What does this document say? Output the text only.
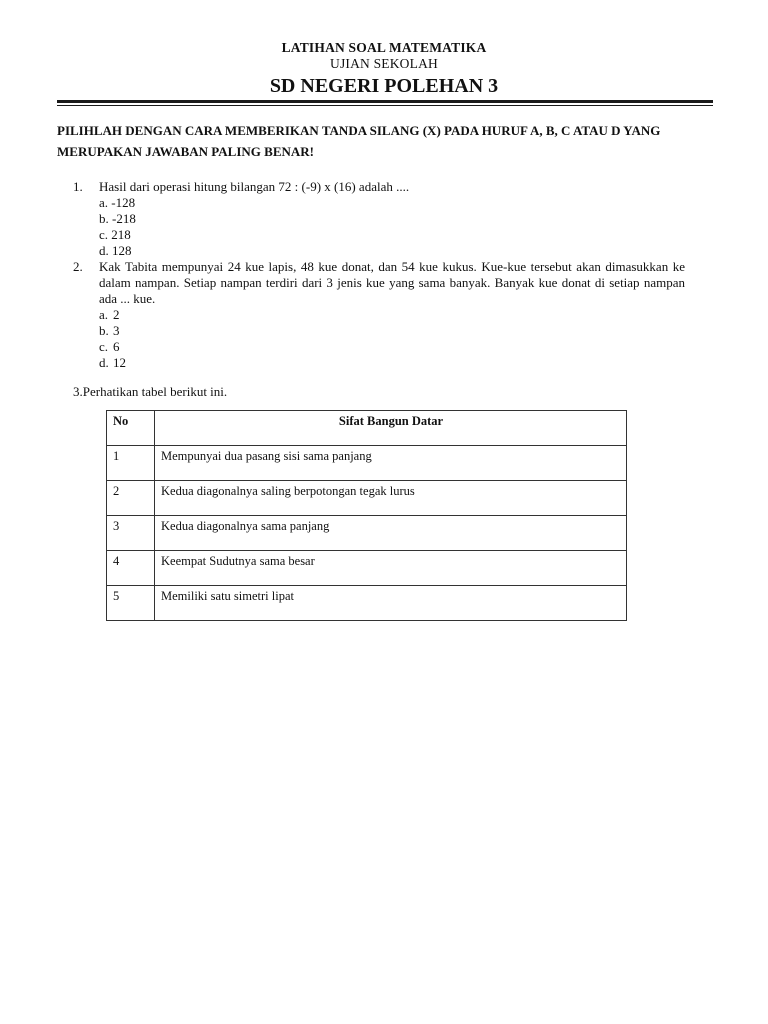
LATIHAN SOAL MATEMATIKA
UJIAN SEKOLAH
SD NEGERI POLEHAN 3
PILIHLAH DENGAN CARA MEMBERIKAN TANDA SILANG (X) PADA HURUF A, B, C ATAU D YANG MERUPAKAN JAWABAN PALING BENAR!
1. Hasil dari operasi hitung bilangan 72 : (-9) x (16) adalah ....
a. -128
b. -218
c. 218
d. 128
2. Kak Tabita mempunyai 24 kue lapis, 48 kue donat, dan 54 kue kukus. Kue-kue tersebut akan dimasukkan ke dalam nampan. Setiap nampan terdiri dari 3 jenis kue yang sama banyak. Banyak kue donat di setiap nampan ada ... kue.
a. 2
b. 3
c. 6
d. 12
3.Perhatikan tabel berikut ini.
No	Sifat Bangun Datar
1	Mempunyai dua pasang sisi sama panjang
2	Kedua diagonalnya saling berpotongan tegak lurus
3	Kedua diagonalnya sama panjang
4	Keempat Sudutnya sama besar
5	Memiliki satu simetri lipat
